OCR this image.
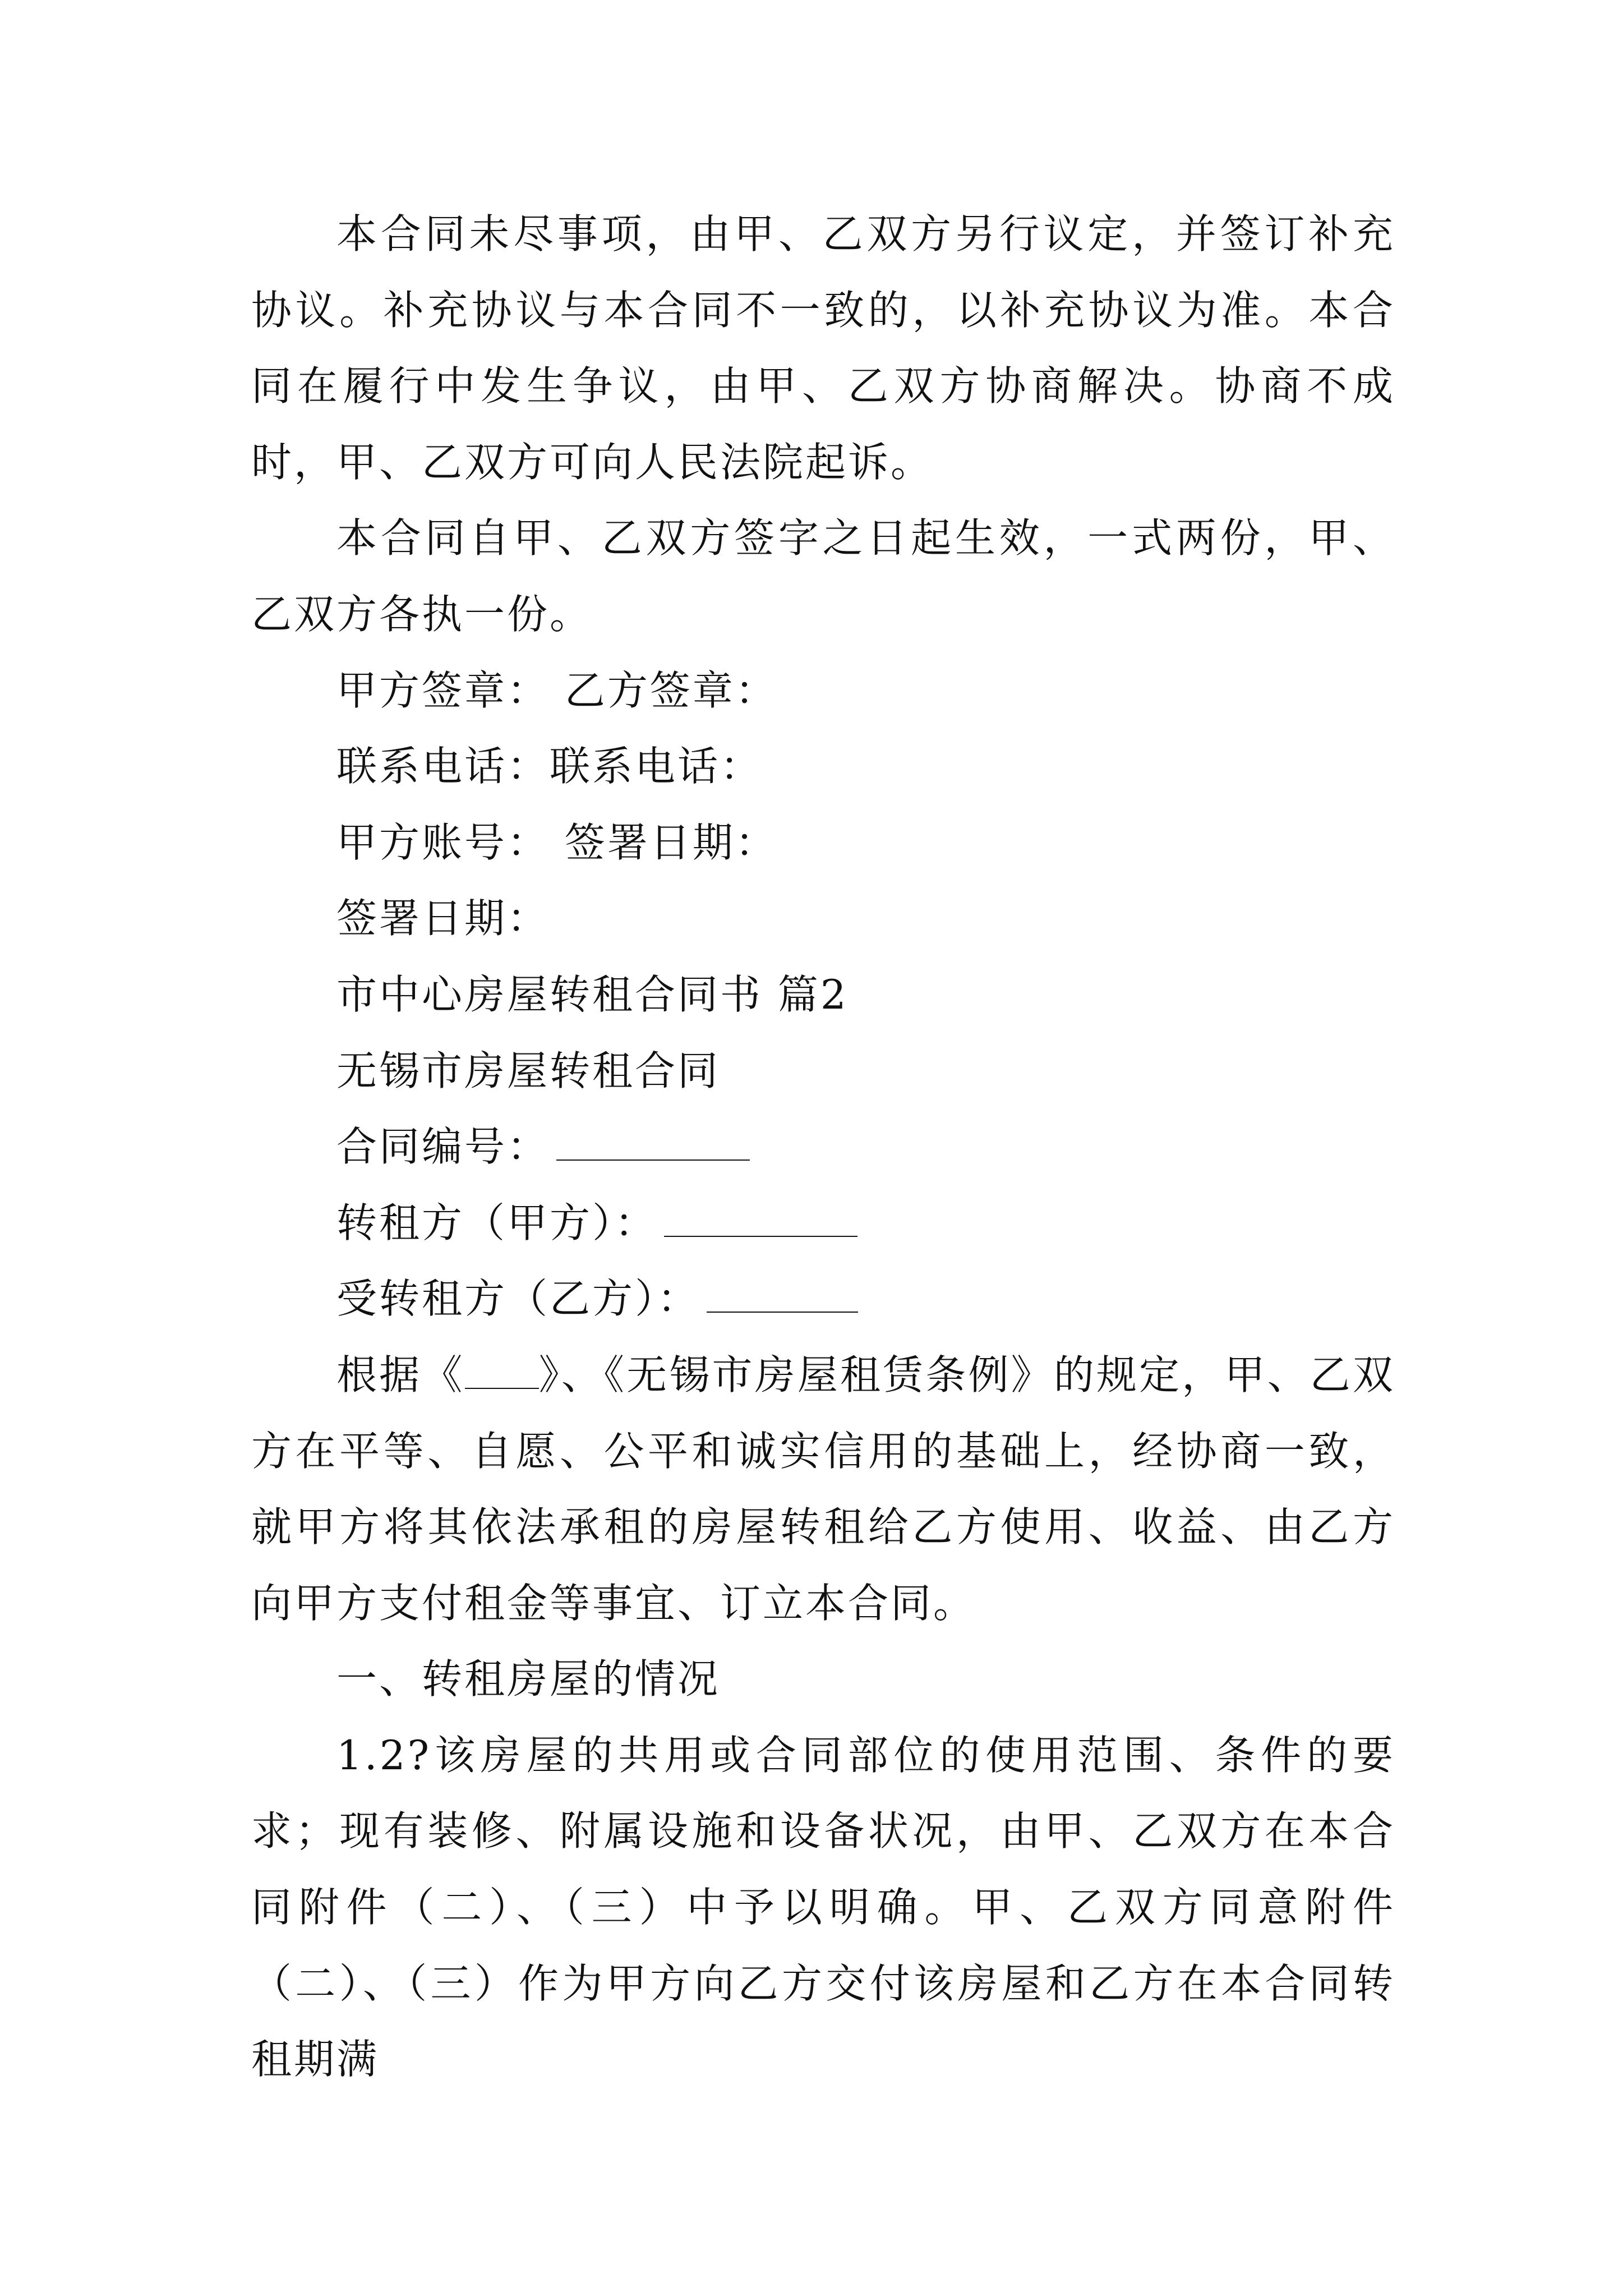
本合同未尽事项，由甲、乙双方另行议定，并签订补充协议。补充协议与本合同不一致的，以补充协议为准。本合同在履行中发生争议，由甲、乙双方协商解决。协商不成时，甲、乙双方可向人民法院起诉。

本合同自甲、乙双方签字之日起生效，一式两份，甲、乙双方各执一份。

甲方签章： 乙方签章：

联系电话：联系电话：

甲方账号： 签署日期：

签署日期：

市中心房屋转租合同书 篇2

无锡市房屋转租合同

合同编号：

转租方（甲方）：

受转租方（乙方）：

根据《 》、《无锡市房屋租赁条例》的规定，甲、乙双方在平等、自愿、公平和诚实信用的基础上，经协商一致，就甲方将其依法承租的房屋转租给乙方使用、收益、由乙方向甲方支付租金等事宜、订立本合同。

一、转租房屋的情况

1.2?该房屋的共用或合同部位的使用范围、条件的要求；现有装修、附属设施和设备状况，由甲、乙双方在本合同附件（二）、（三）中予以明确。甲、乙双方同意附件（二）、（三）作为甲方向乙方交付该房屋和乙方在本合同转租期满
